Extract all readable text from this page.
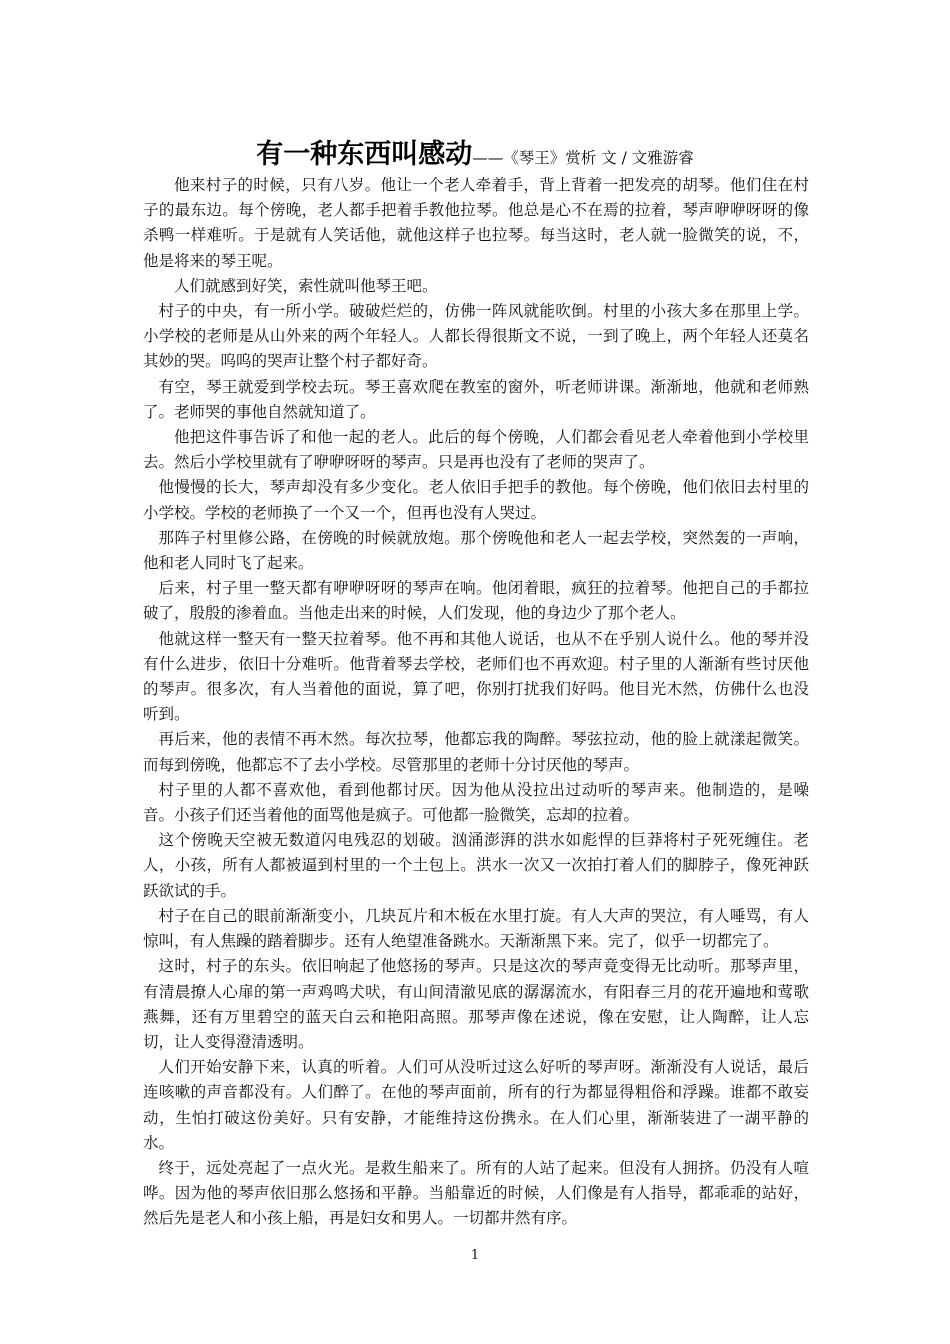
有一种东西叫感动——《琴王》赏析 文 / 文雅游睿

他来村子的时候，只有八岁。他让一个老人牵着手，背上背着一把发亮的胡琴。他们住在村子的最东边。每个傍晚，老人都手把着手教他拉琴。他总是心不在焉的拉着，琴声咿咿呀呀的像杀鸭一样难听。于是就有人笑话他，就他这样子也拉琴。每当这时，老人就一脸微笑的说，不，他是将来的琴王呢。

人们就感到好笑，索性就叫他琴王吧。

村子的中央，有一所小学。破破烂烂的，仿佛一阵风就能吹倒。村里的小孩大多在那里上学。小学校的老师是从山外来的两个年轻人。人都长得很斯文不说，一到了晚上，两个年轻人还莫名其妙的哭。呜呜的哭声让整个村子都好奇。

有空，琴王就爱到学校去玩。琴王喜欢爬在教室的窗外，听老师讲课。渐渐地，他就和老师熟了。老师哭的事他自然就知道了。

他把这件事告诉了和他一起的老人。此后的每个傍晚，人们都会看见老人牵着他到小学校里去。然后小学校里就有了咿咿呀呀的琴声。只是再也没有了老师的哭声了。

他慢慢的长大，琴声却没有多少变化。老人依旧手把手的教他。每个傍晚，他们依旧去村里的小学校。学校的老师换了一个又一个，但再也没有人哭过。

那阵子村里修公路，在傍晚的时候就放炮。那个傍晚他和老人一起去学校，突然轰的一声响，他和老人同时飞了起来。

后来，村子里一整天都有咿咿呀呀的琴声在响。他闭着眼，疯狂的拉着琴。他把自己的手都拉破了，殷殷的渗着血。当他走出来的时候，人们发现，他的身边少了那个老人。

他就这样一整天有一整天拉着琴。他不再和其他人说话，也从不在乎别人说什么。他的琴并没有什么进步，依旧十分难听。他背着琴去学校，老师们也不再欢迎。村子里的人渐渐有些讨厌他的琴声。很多次，有人当着他的面说，算了吧，你别打扰我们好吗。他目光木然，仿佛什么也没听到。

再后来，他的表情不再木然。每次拉琴，他都忘我的陶醉。琴弦拉动，他的脸上就漾起微笑。而每到傍晚，他都忘不了去小学校。尽管那里的老师十分讨厌他的琴声。

村子里的人都不喜欢他，看到他都讨厌。因为他从没拉出过动听的琴声来。他制造的，是噪音。小孩子们还当着他的面骂他是疯子。可他都一脸微笑，忘却的拉着。

这个傍晚天空被无数道闪电残忍的划破。汹涌澎湃的洪水如彪悍的巨莽将村子死死缠住。老人，小孩，所有人都被逼到村里的一个土包上。洪水一次又一次拍打着人们的脚脖子，像死神跃跃欲试的手。

村子在自己的眼前渐渐变小，几块瓦片和木板在水里打旋。有人大声的哭泣，有人唾骂，有人惊叫，有人焦躁的踏着脚步。还有人绝望准备跳水。天渐渐黑下来。完了，似乎一切都完了。

这时，村子的东头。依旧响起了他悠扬的琴声。只是这次的琴声竟变得无比动听。那琴声里，有清晨撩人心扉的第一声鸡鸣犬吠，有山间清澈见底的潺潺流水，有阳春三月的花开遍地和莺歌燕舞，还有万里碧空的蓝天白云和艳阳高照。那琴声像在述说，像在安慰，让人陶醉，让人忘切，让人变得澄清透明。

人们开始安静下来，认真的听着。人们可从没听过这么好听的琴声呀。渐渐没有人说话，最后连咳嗽的声音都没有。人们醉了。在他的琴声面前，所有的行为都显得粗俗和浮躁。谁都不敢妄动，生怕打破这份美好。只有安静，才能维持这份携永。在人们心里，渐渐装进了一湖平静的水。

终于，远处亮起了一点火光。是救生船来了。所有的人站了起来。但没有人拥挤。仍没有人喧哗。因为他的琴声依旧那么悠扬和平静。当船靠近的时候，人们像是有人指导，都乖乖的站好，然后先是老人和小孩上船，再是妇女和男人。一切都井然有序。

1
